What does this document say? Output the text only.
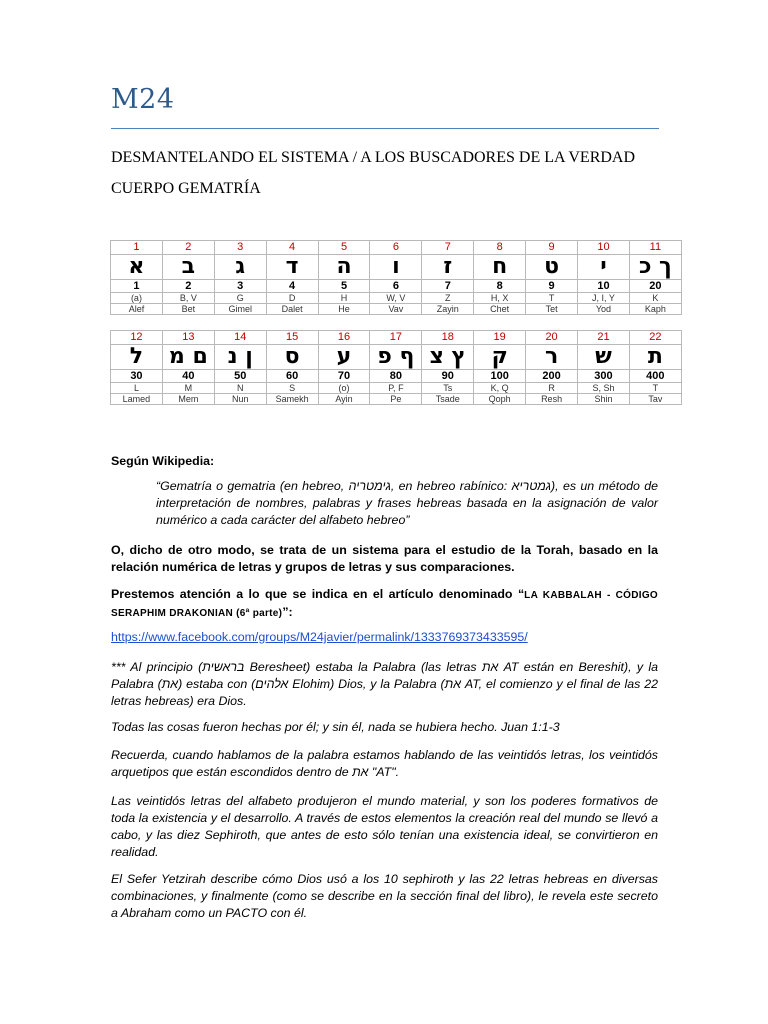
M24
DESMANTELANDO EL SISTEMA / A LOS BUSCADORES DE LA VERDAD
CUERPO GEMATRÍA
1	2	3	4	5	6	7	8	9	10	11
א	ב	ג	ד	ה	ו	ז	ח	ט	י	ך כ
1	2	3	4	5	6	7	8	9	10	20
(a)	B, V	G	D	H	W, V	Z	H, X	T	J, I, Y	K
Alef	Bet	Gimel	Dalet	He	Vav	Zayin	Chet	Tet	Yod	Kaph
12	13	14	15	16	17	18	19	20	21	22
ל	ם מ	ן נ	ס	ע	ף פ	ץ צ	ק	ר	ש	ת
30	40	50	60	70	80	90	100	200	300	400
L	M	N	S	(o)	P, F	Ts	K, Q	R	S, Sh	T
Lamed	Mem	Nun	Samekh	Ayin	Pe	Tsade	Qoph	Resh	Shin	Tav
Según Wikipedia:
“Gematría o gematria (en hebreo, גימטריה, en hebreo rabínico: גמטריא), es un método de interpretación de nombres, palabras y frases hebreas basada en la asignación de valor numérico a cada carácter del alfabeto hebreo”
O, dicho de otro modo, se trata de un sistema para el estudio de la Torah, basado en la relación numérica de letras y grupos de letras y sus comparaciones.
Prestemos atención a lo que se indica en el artículo denominado “LA KABBALAH - CÓDIGO SERAPHIM DRAKONIAN (6ª parte)”:
https://www.facebook.com/groups/M24javier/permalink/1333769373433595/
*** Al principio (בראשית Beresheet) estaba la Palabra (las letras את AT están en Bereshit), y la Palabra (את) estaba con (אלהים Elohim) Dios, y la Palabra (את AT, el comienzo y el final de las 22 letras hebreas) era Dios.
Todas las cosas fueron hechas por él; y sin él, nada se hubiera hecho. Juan 1:1-3
Recuerda, cuando hablamos de la palabra estamos hablando de las veintidós letras, los veintidós arquetipos que están escondidos dentro de את "AT".
Las veintidós letras del alfabeto produjeron el mundo material, y son los poderes formativos de toda la existencia y el desarrollo. A través de estos elementos la creación real del mundo se llevó a cabo, y las diez Sephiroth, que antes de esto sólo tenían una existencia ideal, se convirtieron en realidad.
El Sefer Yetzirah describe cómo Dios usó a los 10 sephiroth y las 22 letras hebreas en diversas combinaciones, y finalmente (como se describe en la sección final del libro), le revela este secreto a Abraham como un PACTO con él.
